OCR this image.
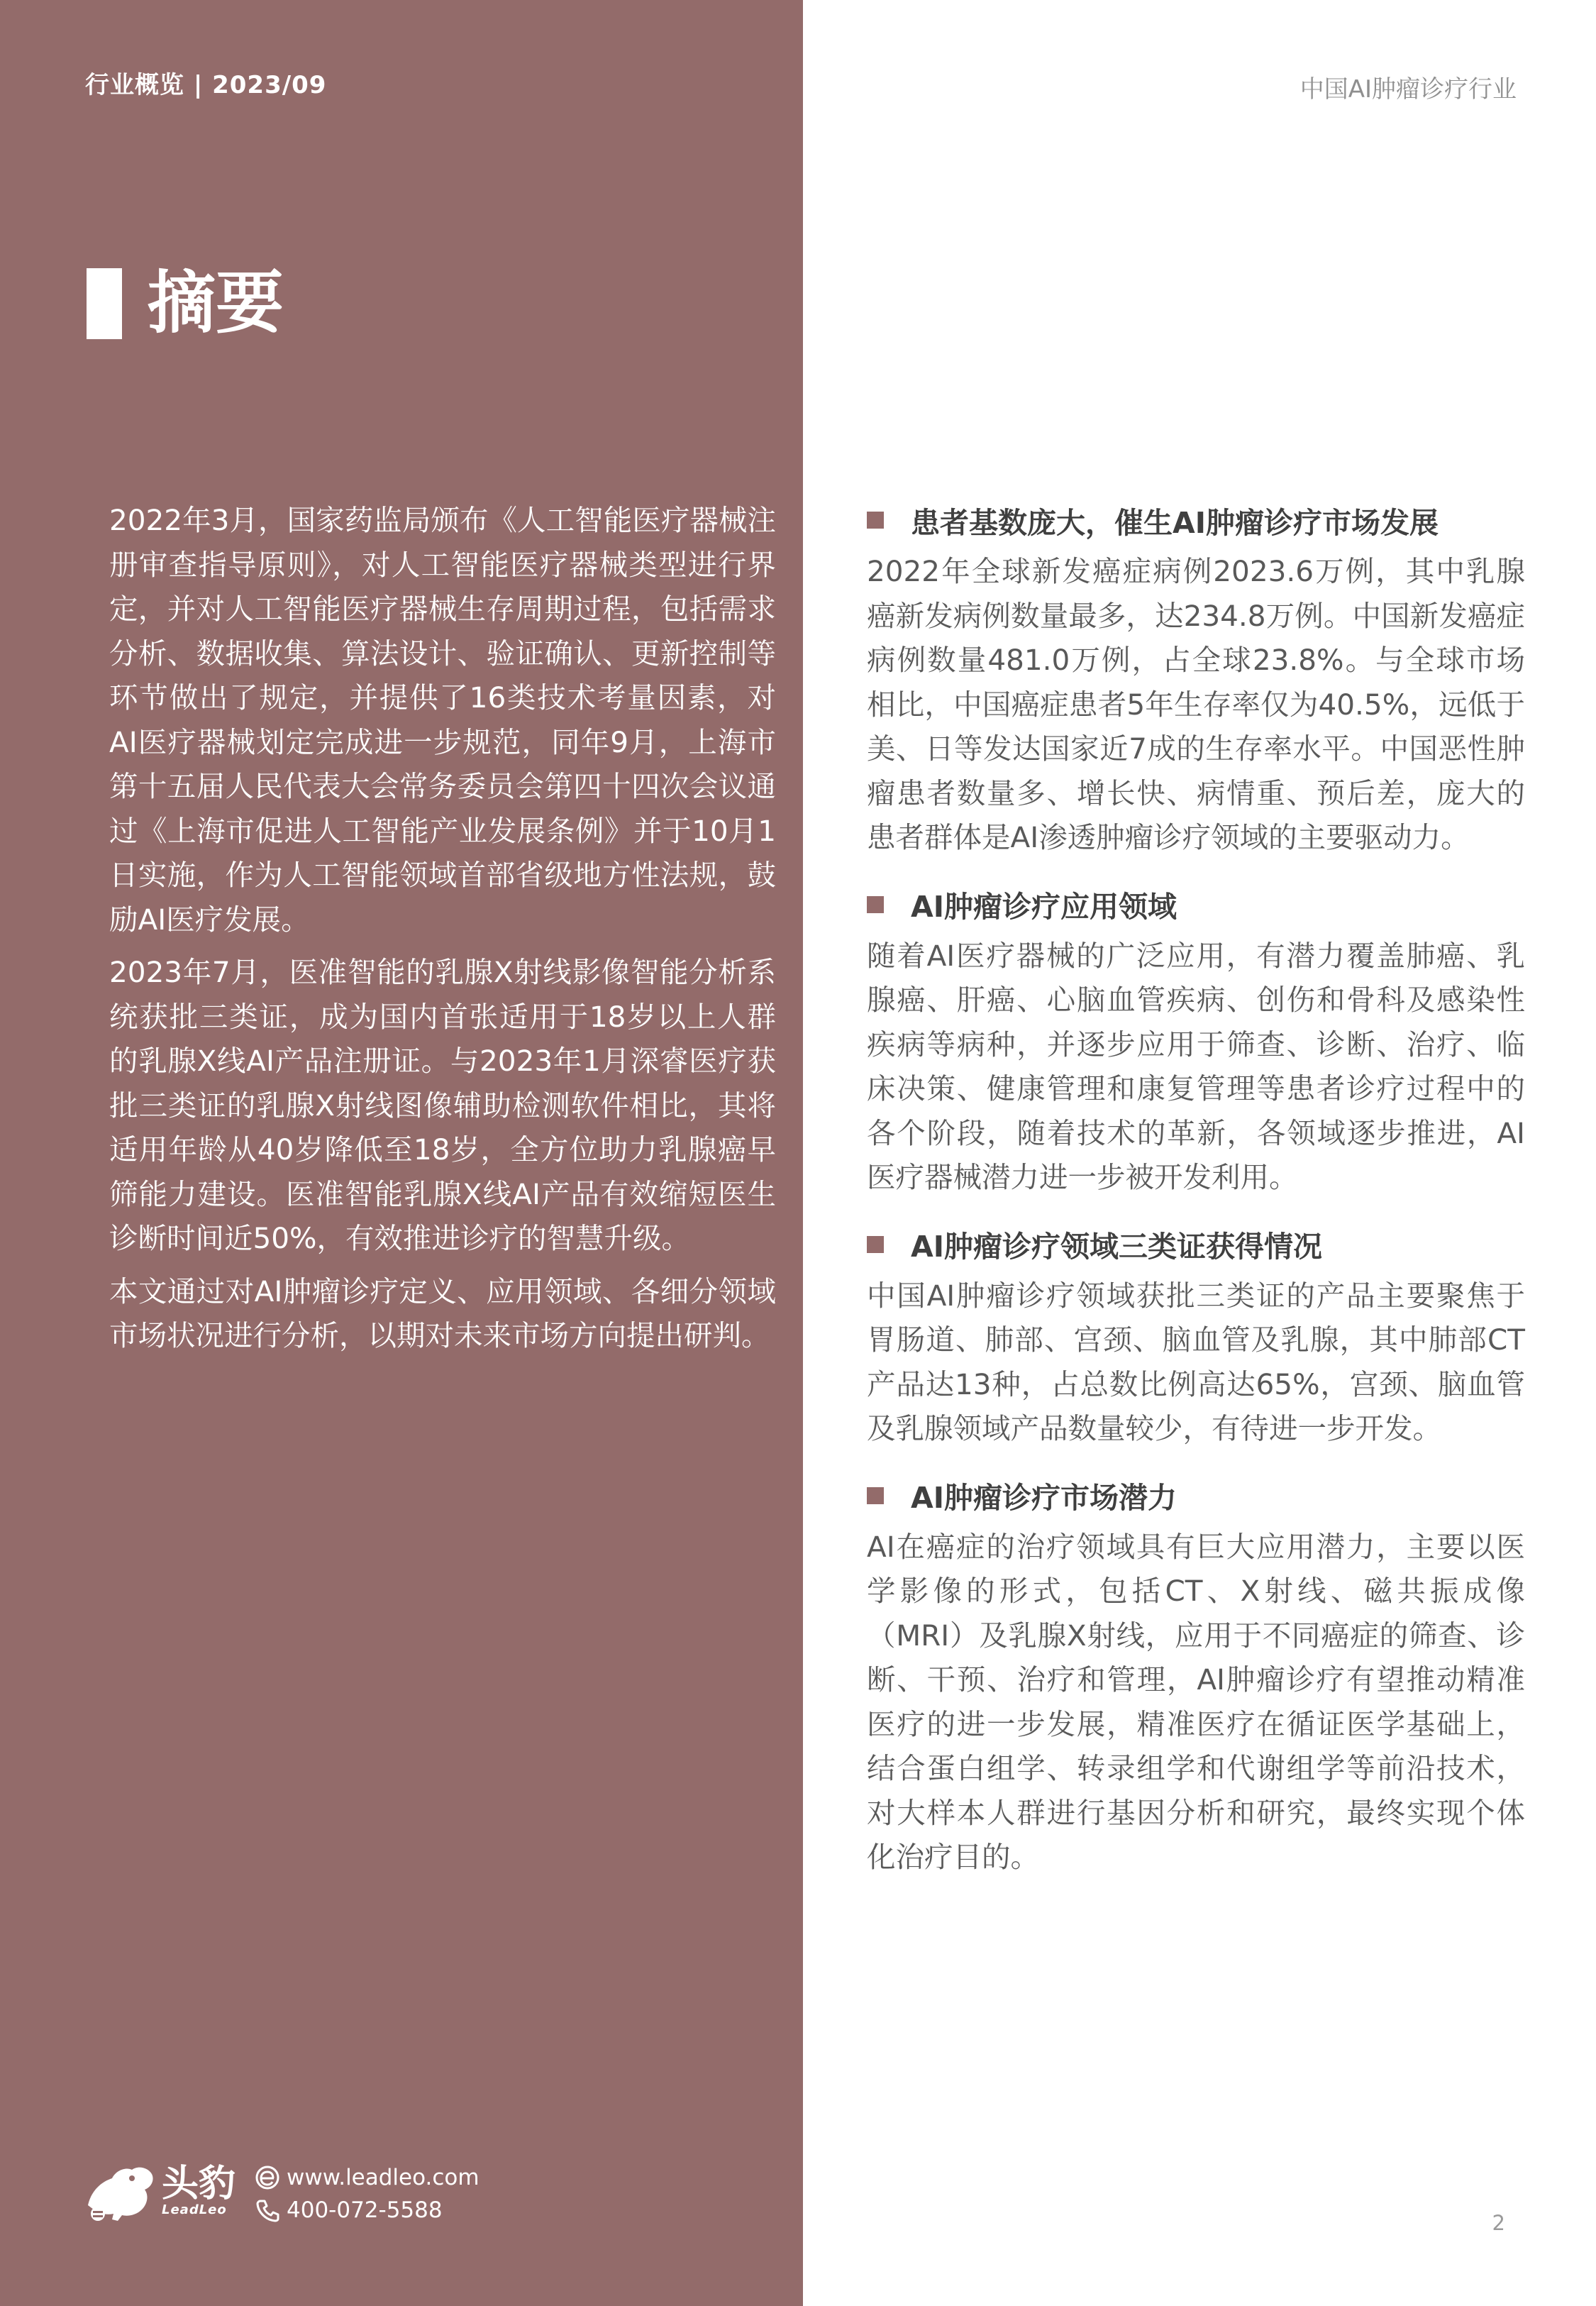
行业概览 | 2023/09	中国AI肿瘤诊疗行业
摘要

2022年3月，国家药监局颁布《人工智能医疗器械注册审查指导原则》，对人工智能医疗器械类型进行界定，并对人工智能医疗器械生存周期过程，包括需求分析、数据收集、算法设计、验证确认、更新控制等环节做出了规定，并提供了16类技术考量因素，对AI医疗器械划定完成进一步规范，同年9月，上海市第十五届人民代表大会常务委员会第四十四次会议通过《上海市促进人工智能产业发展条例》并于10月1日实施，作为人工智能领域首部省级地方性法规，鼓励AI医疗发展。

2023年7月，医准智能的乳腺X射线影像智能分析系统获批三类证，成为国内首张适用于18岁以上人群的乳腺X线AI产品注册证。与2023年1月深睿医疗获批三类证的乳腺X射线图像辅助检测软件相比，其将适用年龄从40岁降低至18岁，全方位助力乳腺癌早筛能力建设。医准智能乳腺X线AI产品有效缩短医生诊断时间近50%，有效推进诊疗的智慧升级。

本文通过对AI肿瘤诊疗定义、应用领域、各细分领域市场状况进行分析，以期对未来市场方向提出研判。

患者基数庞大，催生AI肿瘤诊疗市场发展

2022年全球新发癌症病例2023.6万例，其中乳腺癌新发病例数量最多，达234.8万例。中国新发癌症病例数量481.0万例，占全球23.8%。与全球市场相比，中国癌症患者5年生存率仅为40.5%，远低于美、日等发达国家近7成的生存率水平。中国恶性肿瘤患者数量多、增长快、病情重、预后差，庞大的患者群体是AI渗透肿瘤诊疗领域的主要驱动力。

AI肿瘤诊疗应用领域

随着AI医疗器械的广泛应用，有潜力覆盖肺癌、乳腺癌、肝癌、心脑血管疾病、创伤和骨科及感染性疾病等病种，并逐步应用于筛查、诊断、治疗、临床决策、健康管理和康复管理等患者诊疗过程中的各个阶段，随着技术的革新，各领域逐步推进，AI医疗器械潜力进一步被开发利用。

AI肿瘤诊疗领域三类证获得情况

中国AI肿瘤诊疗领域获批三类证的产品主要聚焦于胃肠道、肺部、宫颈、脑血管及乳腺，其中肺部CT产品达13种，占总数比例高达65%，宫颈、脑血管及乳腺领域产品数量较少，有待进一步开发。

AI肿瘤诊疗市场潜力

AI在癌症的治疗领域具有巨大应用潜力，主要以医学影像的形式，包括CT、X射线、磁共振成像（MRI）及乳腺X射线，应用于不同癌症的筛查、诊断、干预、治疗和管理，AI肿瘤诊疗有望推动精准医疗的进一步发展，精准医疗在循证医学基础上，结合蛋白组学、转录组学和代谢组学等前沿技术，对大样本人群进行基因分析和研究，最终实现个体化治疗目的。

头豹
LeadLeo
www.leadleo.com
400-072-5588	2
